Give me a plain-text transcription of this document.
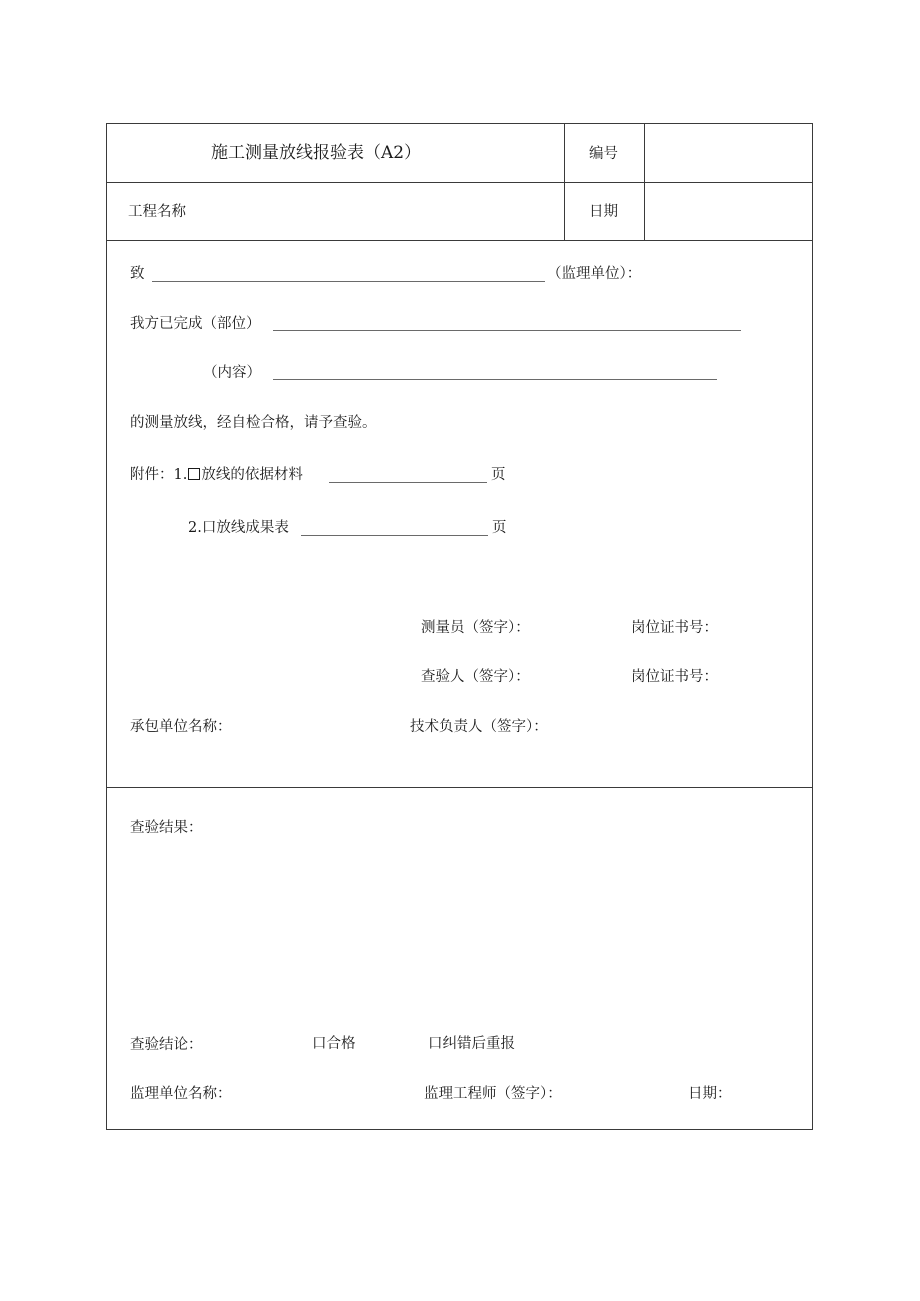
施工测量放线报验表（A2）	编号
工程名称	日期
致	（监理单位）：
我方已完成（部位）
（内容）
的测量放线，经自检合格，请予查验。
附件：1. 放线的依据材料	页
2.口放线成果表	页
测量员（签字）：	岗位证书号：
查验人（签字）：	岗位证书号：
承包单位名称：	技术负责人（签字）：
查验结果：
查验结论：	口合格	口纠错后重报
监理单位名称：	监理工程师（签字）：	日期：
